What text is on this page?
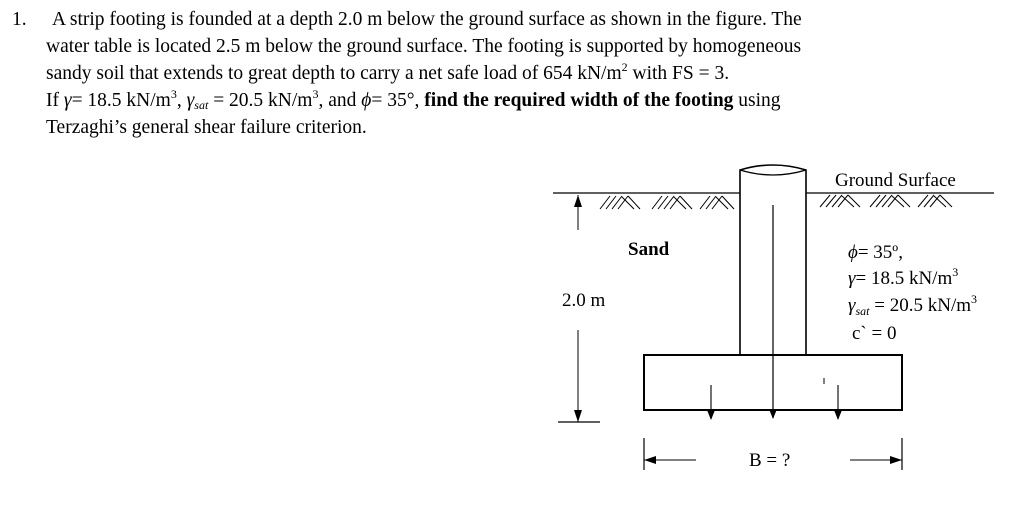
1. A strip footing is founded at a depth 2.0 m below the ground surface as shown in the figure. The
water table is located 2.5 m below the ground surface. The footing is supported by homogeneous
sandy soil that extends to great depth to carry a net safe load of 654 $kN/m^2$ with FS = 3.
If γ= 18.5 $kN/m^3$, $\gamma_{sat} = 20.5$ $kN/m^3$, and ϕ= 35°, find the required width of the footing using
Terzaghi’s general shear failure criterion.
Ground Surface
Sand
2.0 m
B = ?
ϕ= 35º,
γ= 18.5 $kN/m^3$
$\gamma_{sat} = 20.5$ $kN/m^3$
c` = 0
